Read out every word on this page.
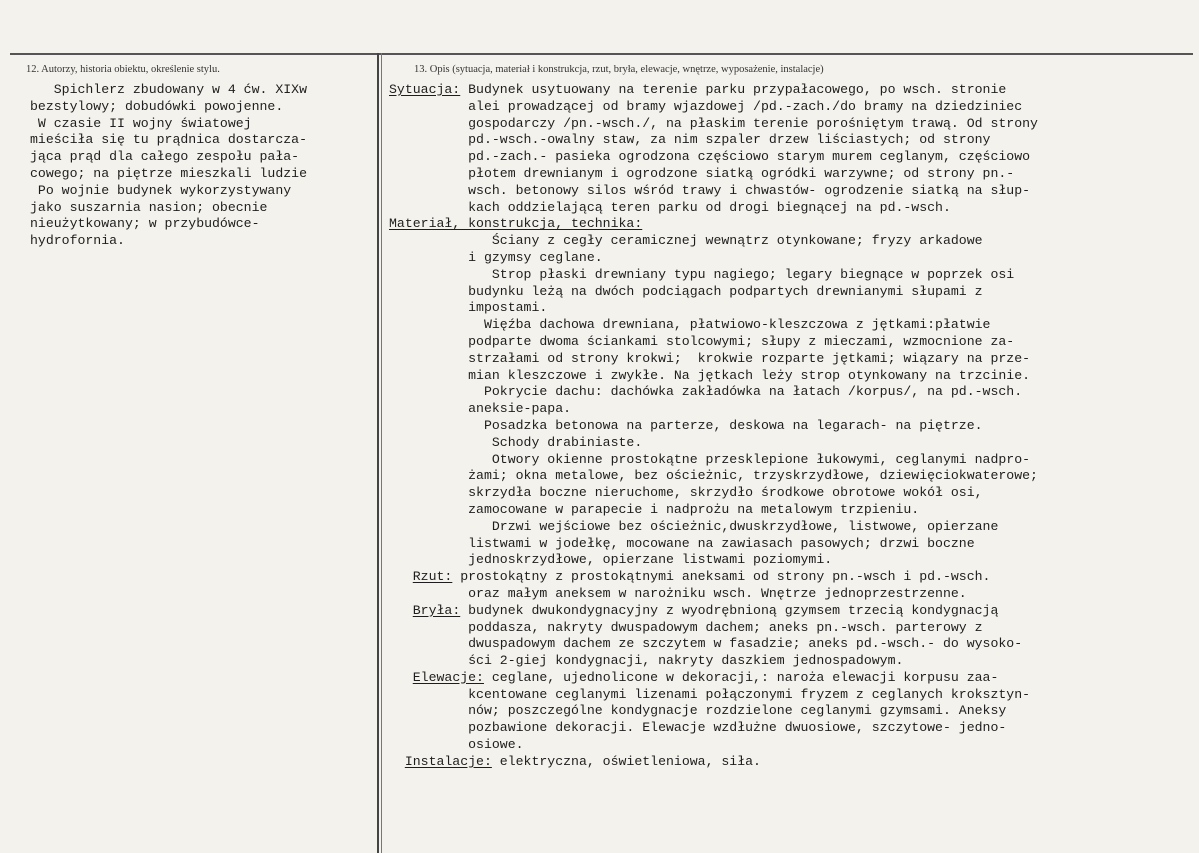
12. Autorzy, historia obiektu, określenie stylu.	13. Opis (sytuacja, materiał i konstrukcja, rzut, bryła, elewacje, wnętrze, wyposażenie, instalacje)
Spichlerz zbudowany w 4 ćw. XIXw
bezstylowy; dobudówki powojenne.
W czasie II wojny światowej
mieściła się tu prądnica dostarcza-
jąca prąd dla całego zespołu pała-
cowego; na piętrze mieszkali ludzie
Po wojnie budynek wykorzystywany
jako suszarnia nasion; obecnie
nieużytkowany; w przybudówce-
hydrofornia.
Sytuacja: Budynek usytuowany na terenie parku przypałacowego, po wsch. stronie
alei prowadzącej od bramy wjazdowej /pd.-zach./do bramy na dziedziniec
gospodarczy /pn.-wsch./, na płaskim terenie porośniętym trawą. Od strony
pd.-wsch.-owalny staw, za nim szpaler drzew liściastych; od strony
pd.-zach.- pasieka ogrodzona częściowo starym murem ceglanym, częściowo
płotem drewnianym i ogrodzone siatką ogródki warzywne; od strony pn.-
wsch. betonowy silos wśród trawy i chwastów- ogrodzenie siatką na słup-
kach oddzielającą teren parku od drogi biegnącej na pd.-wsch.
Materiał, konstrukcja, technika:
Ściany z cegły ceramicznej wewnątrz otynkowane; fryzy arkadowe
i gzymsy ceglane.
Strop płaski drewniany typu nagiego; legary biegnące w poprzek osi
budynku leżą na dwóch podciągach podpartych drewnianymi słupami z
impostami.
Więźba dachowa drewniana, płatwiowo-kleszczowa z jętkami:płatwie
podparte dwoma ściankami stolcowymi; słupy z mieczami, wzmocnione za-
strzałami od strony krokwi;  krokwie rozparte jętkami; wiązary na prze-
mian kleszczowe i zwykłe. Na jętkach leży strop otynkowany na trzcinie.
Pokrycie dachu: dachówka zakładówka na łatach /korpus/, na pd.-wsch.
aneksie-papa.
Posadzka betonowa na parterze, deskowa na legarach- na piętrze.
Schody drabiniaste.
Otwory okienne prostokątne przesklepione łukowymi, ceglanymi nadpro-
żami; okna metalowe, bez ościeżnic, trzyskrzydłowe, dziewięciokwaterowe;
skrzydła boczne nieruchome, skrzydło środkowe obrotowe wokół osi,
zamocowane w parapecie i nadprożu na metalowym trzpieniu.
Drzwi wejściowe bez ościeżnic,dwuskrzydłowe, listwowe, opierzane
listwami w jodełkę, mocowane na zawiasach pasowych; drzwi boczne
jednoskrzydłowe, opierzane listwami poziomymi.
Rzut: prostokątny z prostokątnymi aneksami od strony pn.-wsch i pd.-wsch.
oraz małym aneksem w narożniku wsch. Wnętrze jednoprzestrzenne.
Bryła: budynek dwukondygnacyjny z wyodrębnioną gzymsem trzecią kondygnacją
poddasza, nakryty dwuspadowym dachem; aneks pn.-wsch. parterowy z
dwuspadowym dachem ze szczytem w fasadzie; aneks pd.-wsch.- do wysoko-
ści 2-giej kondygnacji, nakryty daszkiem jednospadowym.
Elewacje: ceglane, ujednolicone w dekoracji,: naroża elewacji korpusu zaa-
kcentowane ceglanymi lizenami połączonymi fryzem z ceglanych kroksztyn-
nów; poszczególne kondygnacje rozdzielone ceglanymi gzymsami. Aneksy
pozbawione dekoracji. Elewacje wzdłużne dwuosiowe, szczytowe- jedno-
osiowe.
Instalacje: elektryczna, oświetleniowa, siła.
